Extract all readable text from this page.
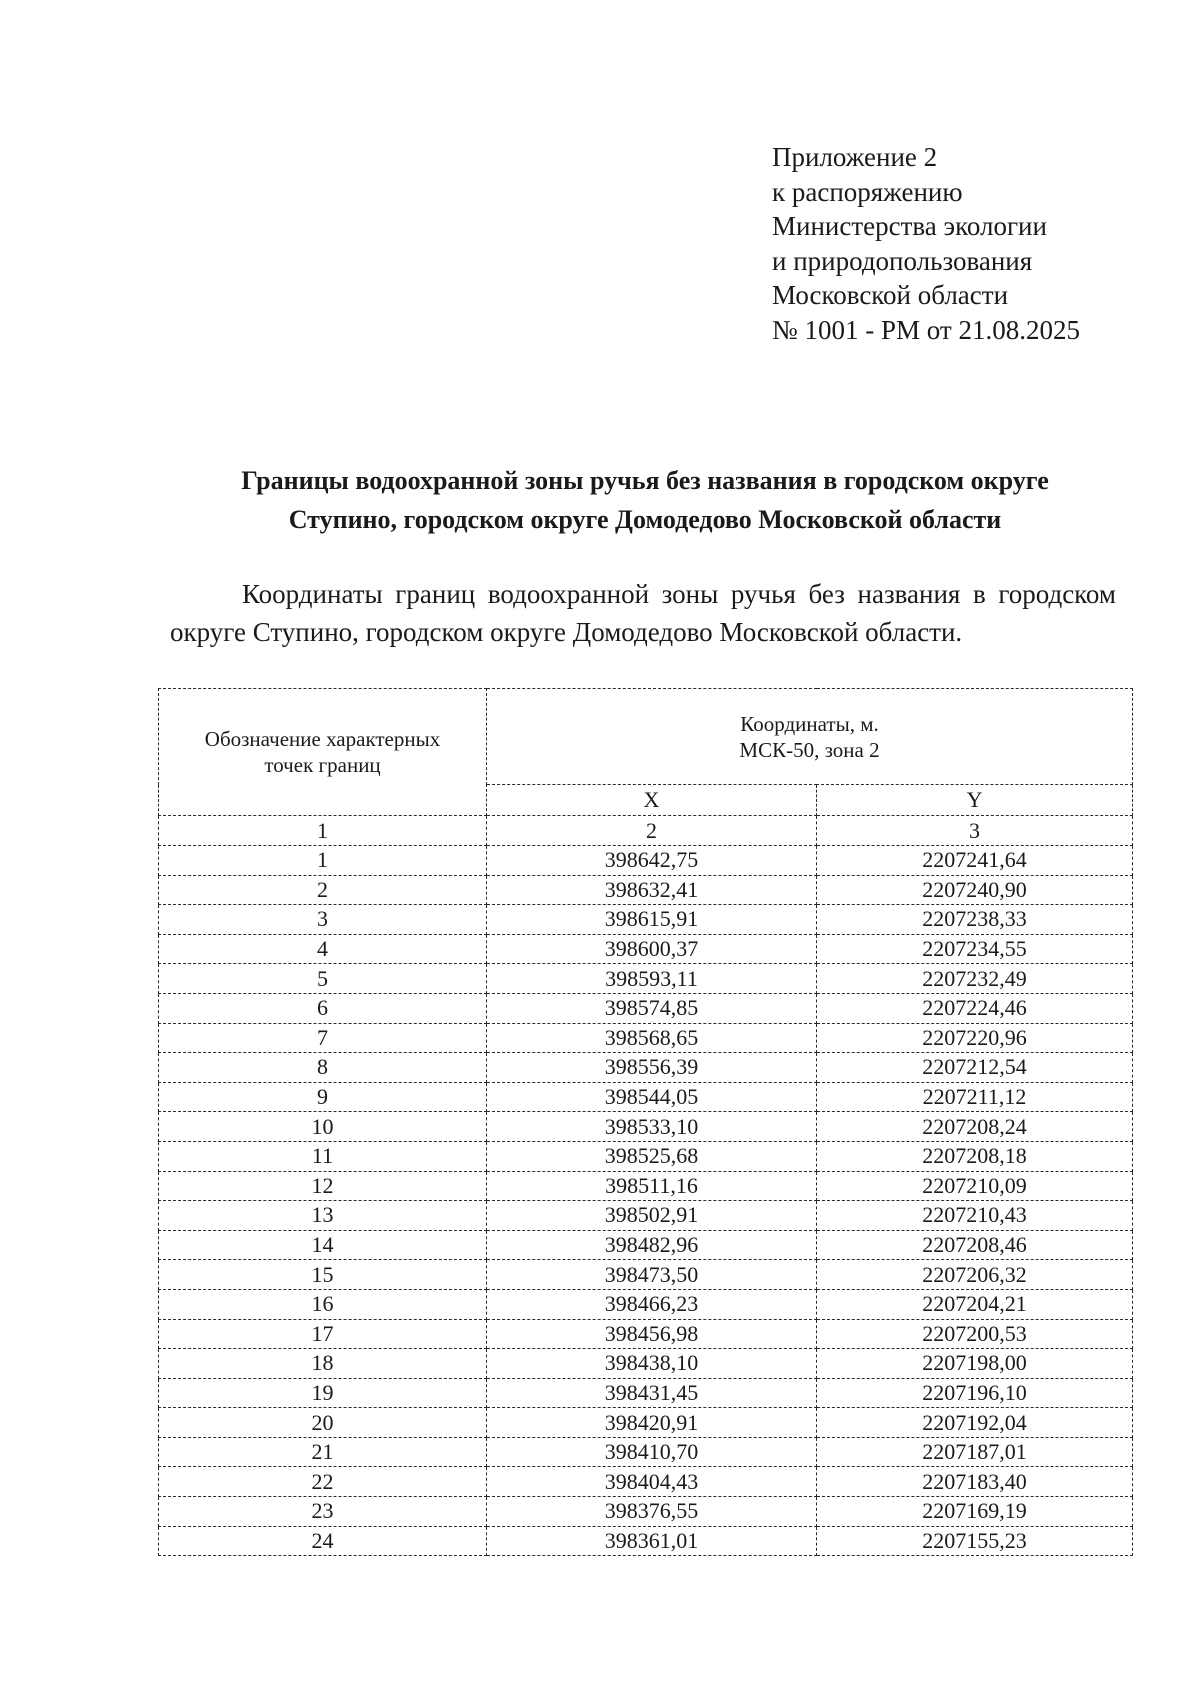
Приложение 2
к распоряжению
Министерства экологии
и природопользования
Московской области
№ 1001 - РМ от 21.08.2025
Границы водоохранной зоны ручья без названия в городском округе
Ступино, городском округе Домодедово Московской области

Координаты границ водоохранной зоны ручья без названия в городском округе Ступино, городском округе Домодедово Московской области.

Обозначение характерных
точек границ	Координаты, м.
МСК-50, зона 2	

	X	Y
1	2	3
1	398642,75	2207241,64
2	398632,41	2207240,90
3	398615,91	2207238,33
4	398600,37	2207234,55
5	398593,11	2207232,49
6	398574,85	2207224,46
7	398568,65	2207220,96
8	398556,39	2207212,54
9	398544,05	2207211,12
10	398533,10	2207208,24
11	398525,68	2207208,18
12	398511,16	2207210,09
13	398502,91	2207210,43
14	398482,96	2207208,46
15	398473,50	2207206,32
16	398466,23	2207204,21
17	398456,98	2207200,53
18	398438,10	2207198,00
19	398431,45	2207196,10
20	398420,91	2207192,04
21	398410,70	2207187,01
22	398404,43	2207183,40
23	398376,55	2207169,19
24	398361,01	2207155,23
